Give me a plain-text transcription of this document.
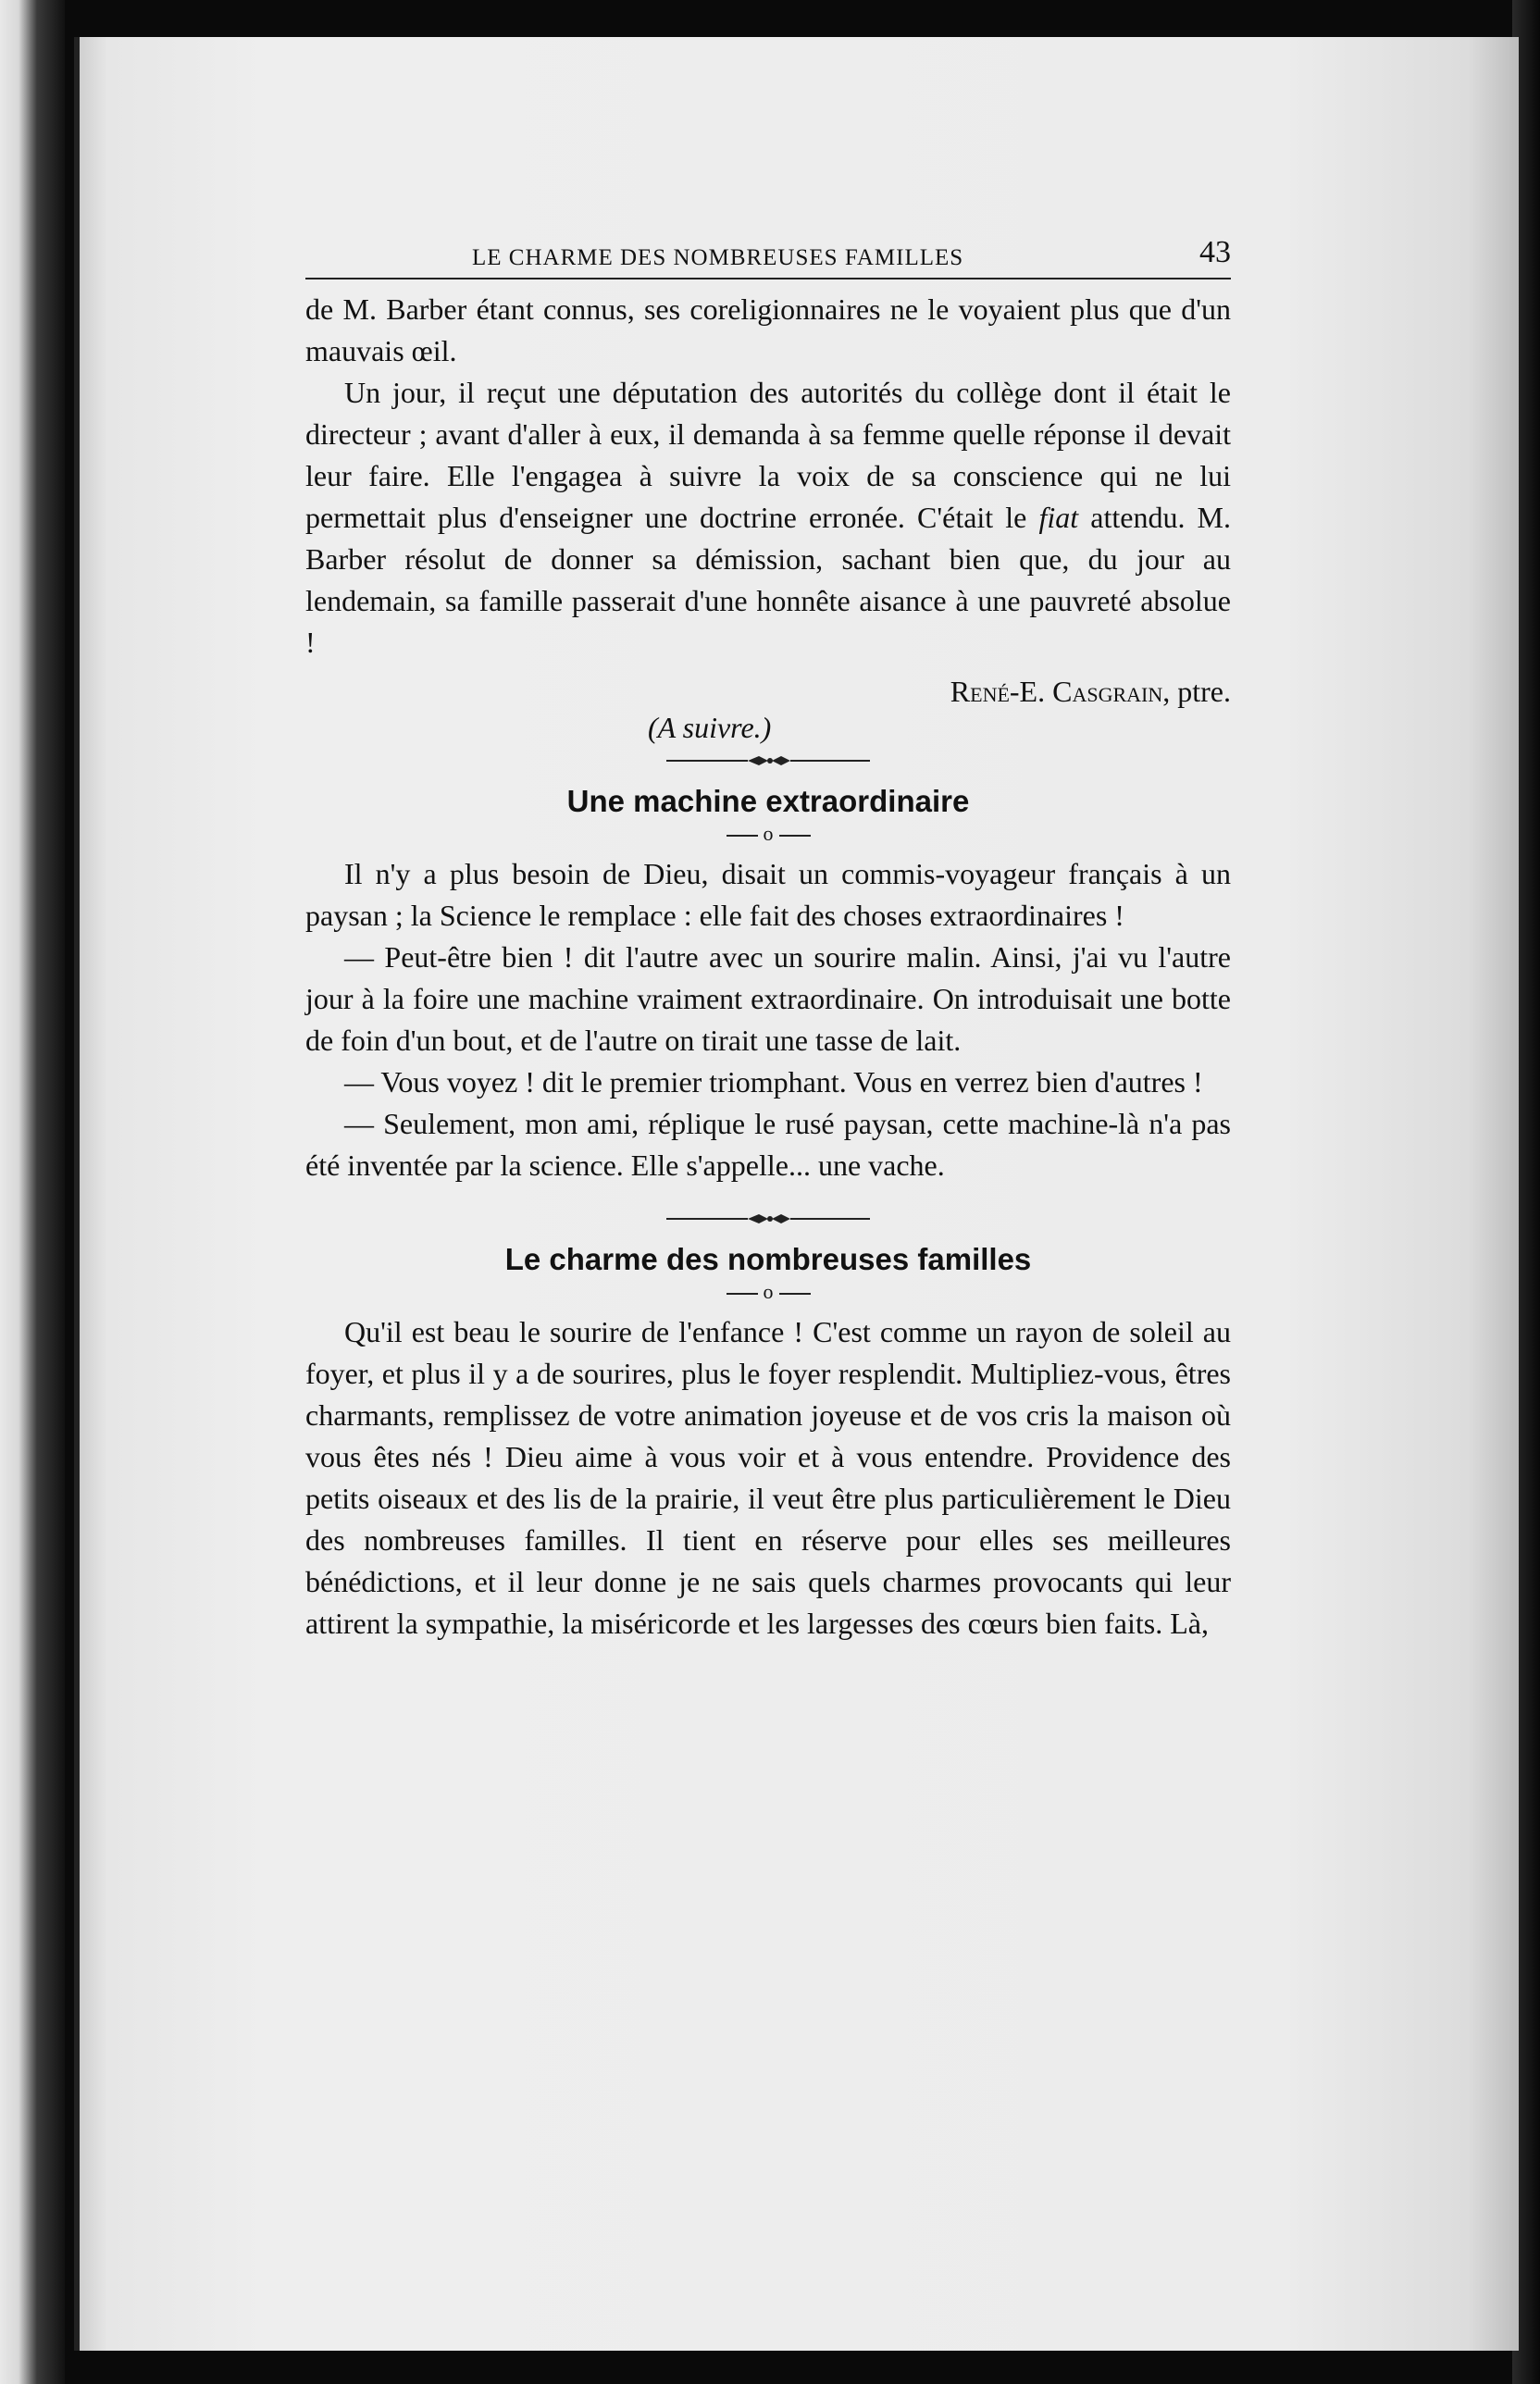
LE CHARME DES NOMBREUSES FAMILLES	43

de M. Barber étant connus, ses coreligionnaires ne le voyaient plus que d'un mauvais œil.

Un jour, il reçut une députation des autorités du collège dont il était le directeur ; avant d'aller à eux, il demanda à sa femme quelle réponse il devait leur faire. Elle l'engagea à suivre la voix de sa conscience qui ne lui permettait plus d'enseigner une doctrine erronée. C'était le fiat attendu. M. Barber résolut de donner sa démission, sachant bien que, du jour au lendemain, sa famille passerait d'une honnête aisance à une pauvreté absolue !

René-E. Casgrain, ptre.

(A suivre.)

Une machine extraordinaire
o

Il n'y a plus besoin de Dieu, disait un commis-voyageur français à un paysan ; la Science le remplace : elle fait des choses extraordinaires !

— Peut-être bien ! dit l'autre avec un sourire malin. Ainsi, j'ai vu l'autre jour à la foire une machine vraiment extraordinaire. On introduisait une botte de foin d'un bout, et de l'autre on tirait une tasse de lait.

— Vous voyez ! dit le premier triomphant. Vous en verrez bien d'autres !

— Seulement, mon ami, réplique le rusé paysan, cette machine-là n'a pas été inventée par la science. Elle s'appelle... une vache.

Le charme des nombreuses familles
o

Qu'il est beau le sourire de l'enfance ! C'est comme un rayon de soleil au foyer, et plus il y a de sourires, plus le foyer resplendit. Multipliez-vous, êtres charmants, remplissez de votre animation joyeuse et de vos cris la maison où vous êtes nés ! Dieu aime à vous voir et à vous entendre. Providence des petits oiseaux et des lis de la prairie, il veut être plus particulièrement le Dieu des nombreuses familles. Il tient en réserve pour elles ses meilleures bénédictions, et il leur donne je ne sais quels charmes provocants qui leur attirent la sympathie, la miséricorde et les largesses des cœurs bien faits. Là,
